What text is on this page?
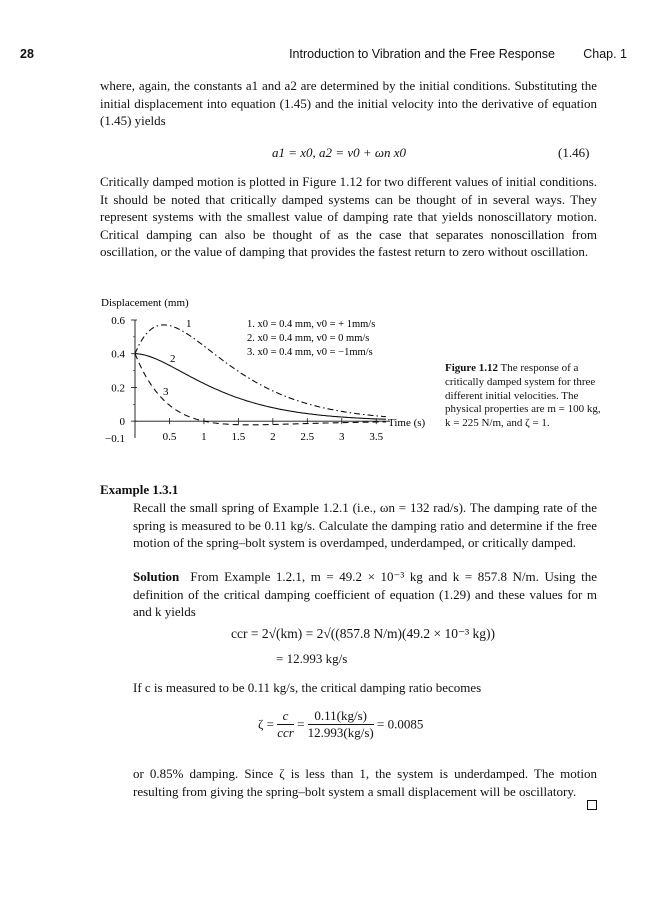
28	Introduction to Vibration and the Free Response Chap. 1

where, again, the constants a1 and a2 are determined by the initial conditions. Substituting the initial displacement into equation (1.45) and the initial velocity into the derivative of equation (1.45) yields

a1 = x0, a2 = v0 + ωn x0	(1.46)

Critically damped motion is plotted in Figure 1.12 for two different values of initial conditions. It should be noted that critically damped systems can be thought of in several ways. They represent systems with the smallest value of damping rate that yields nonoscillatory motion. Critical damping can also be thought of as the case that separates nonoscillation from oscillation, or the value of damping that provides the fastest return to zero without oscillation.

Displacement (mm)
Time (s)
0.5 1 1.5 2 2.5 3 3.5
0.6
0.4
0.2
0
−0.1
1. x0 = 0.4 mm, v0 = + 1mm/s
2. x0 = 0.4 mm, v0 = 0 mm/s
3. x0 = 0.4 mm, v0 = −1mm/s
1
2
3
Figure 1.12 The response of a critically damped system for three different initial velocities. The physical properties are m = 100 kg, k = 225 N/m, and ζ = 1.
Example 1.3.1

Recall the small spring of Example 1.2.1 (i.e., ωn = 132 rad/s). The damping rate of the spring is measured to be 0.11 kg/s. Calculate the damping ratio and determine if the free motion of the spring–bolt system is overdamped, underdamped, or critically damped.

Solution From Example 1.2.1, m = 49.2 × 10⁻³ kg and k = 857.8 N/m. Using the definition of the critical damping coefficient of equation (1.29) and these values for m and k yields

ccr = 2√(km) = 2√((857.8 N/m)(49.2 × 10⁻³ kg))
= 12.993 kg/s

If c is measured to be 0.11 kg/s, the critical damping ratio becomes

$\zeta = \frac{c}{\text{ccr}} = \frac{0.11(kg/s)}{12.993(kg/s)} = 0.0085$

or 0.85% damping. Since ζ is less than 1, the system is underdamped. The motion resulting from giving the spring–bolt system a small displacement will be oscillatory.
